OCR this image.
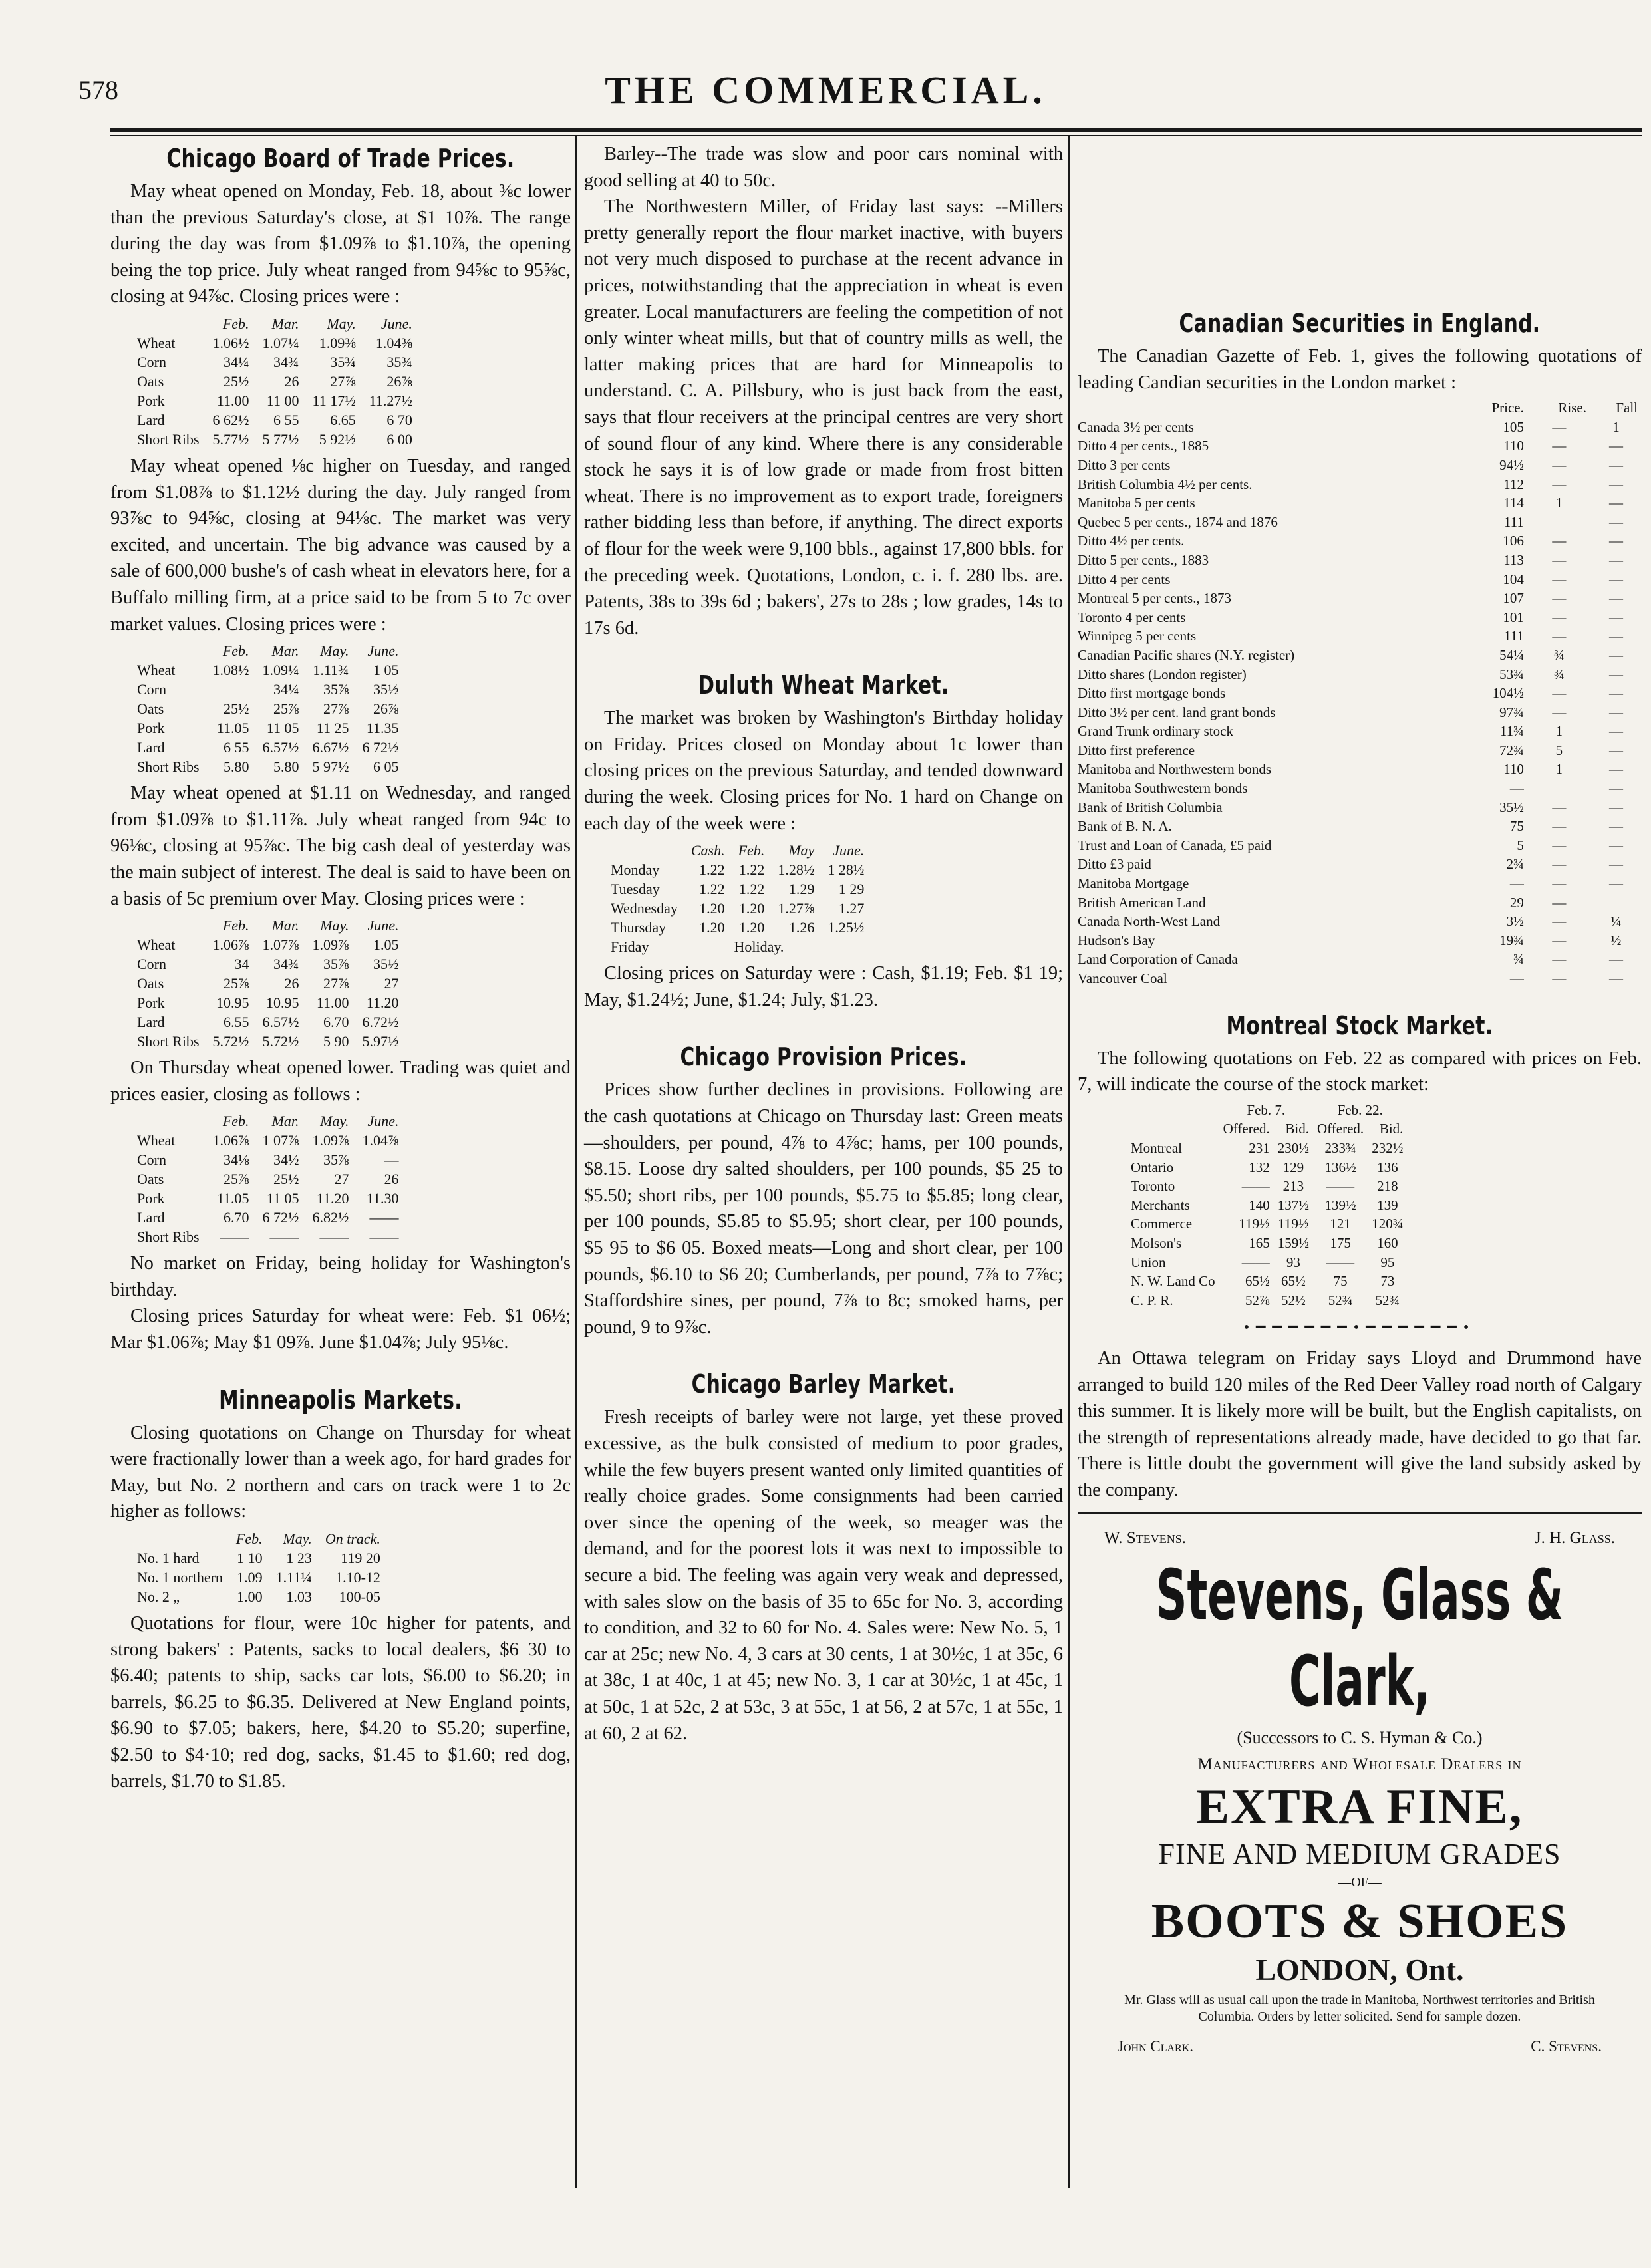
578	THE COMMERCIAL.
Chicago Board of Trade Prices.

May wheat opened on Monday, Feb. 18, about ⅜c lower than the previous Saturday's close, at $1 10⅞. The range during the day was from $1.09⅞ to $1.10⅞, the opening being the top price. July wheat ranged from 94⅝c to 95⅝c, closing at 94⅞c. Closing prices were :

	Feb.	Mar.	May.	June.
Wheat	1.06½	1.07¼	1.09⅜	1.04⅜
Corn	34¼	34¾	35¾	35¾
Oats	25½	26	27⅞	26⅞
Pork	11.00	11 00	11 17½	11.27½
Lard	6 62½	6 55	6.65	6 70
Short Ribs	5.77½	5 77½	5 92½	6 00

May wheat opened ⅛c higher on Tuesday, and ranged from $1.08⅞ to $1.12½ during the day. July ranged from 93⅞c to 94⅝c, closing at 94⅛c. The market was very excited, and uncertain. The big advance was caused by a sale of 600,000 bushe's of cash wheat in elevators here, for a Buffalo milling firm, at a price said to be from 5 to 7c over market values. Closing prices were :

	Feb.	Mar.	May.	June.
Wheat	1.08½	1.09¼	1.11¾	1 05
Corn		34¼	35⅞	35½
Oats	25½	25⅞	27⅞	26⅞
Pork	11.05	11 05	11 25	11.35
Lard	6 55	6.57½	6.67½	6 72½
Short Ribs	5.80	5.80	5 97½	6 05

May wheat opened at $1.11 on Wednesday, and ranged from $1.09⅞ to $1.11⅞. July wheat ranged from 94c to 96⅛c, closing at 95⅞c. The big cash deal of yesterday was the main subject of interest. The deal is said to have been on a basis of 5c premium over May. Closing prices were :

	Feb.	Mar.	May.	June.
Wheat	1.06⅞	1.07⅞	1.09⅞	1.05
Corn	34	34¾	35⅞	35½
Oats	25⅞	26	27⅞	27
Pork	10.95	10.95	11.00	11.20
Lard	6.55	6.57½	6.70	6.72½
Short Ribs	5.72½	5.72½	5 90	5.97½

On Thursday wheat opened lower. Trading was quiet and prices easier, closing as follows :

	Feb.	Mar.	May.	June.
Wheat	1.06⅞	1 07⅞	1.09⅞	1.04⅞
Corn	34⅛	34½	35⅞	—
Oats	25⅞	25½	27	26
Pork	11.05	11 05	11.20	11.30
Lard	6.70	6 72½	6.82½	——
Short Ribs	——	——	——	——

No market on Friday, being holiday for Washington's birthday.

Closing prices Saturday for wheat were: Feb. $1 06½; Mar $1.06⅞; May $1 09⅞. June $1.04⅞; July 95⅛c.

Minneapolis Markets.

Closing quotations on Change on Thursday for wheat were fractionally lower than a week ago, for hard grades for May, but No. 2 northern and cars on track were 1 to 2c higher as follows:

	Feb.	May.	On track.
No. 1 hard	1 10	1 23	119 20
No. 1 northern	1.09	1.11¼	1.10-12
No. 2 „	1.00	1.03	100-05

Quotations for flour, were 10c higher for patents, and strong bakers' : Patents, sacks to local dealers, $6 30 to $6.40; patents to ship, sacks car lots, $6.00 to $6.20; in barrels, $6.25 to $6.35. Delivered at New England points, $6.90 to $7.05; bakers, here, $4.20 to $5.20; superfine, $2.50 to $4·10; red dog, sacks, $1.45 to $1.60; red dog, barrels, $1.70 to $1.85.

Barley--The trade was slow and poor cars nominal with good selling at 40 to 50c.

The Northwestern Miller, of Friday last says: --Millers pretty generally report the flour market inactive, with buyers not very much disposed to purchase at the recent advance in prices, notwithstanding that the appreciation in wheat is even greater. Local manufacturers are feeling the competition of not only winter wheat mills, but that of country mills as well, the latter making prices that are hard for Minneapolis to understand. C. A. Pillsbury, who is just back from the east, says that flour receivers at the principal centres are very short of sound flour of any kind. Where there is any considerable stock he says it is of low grade or made from frost bitten wheat. There is no improvement as to export trade, foreigners rather bidding less than before, if anything. The direct exports of flour for the week were 9,100 bbls., against 17,800 bbls. for the preceding week. Quotations, London, c. i. f. 280 lbs. are. Patents, 38s to 39s 6d ; bakers', 27s to 28s ; low grades, 14s to 17s 6d.

Duluth Wheat Market.

The market was broken by Washington's Birthday holiday on Friday. Prices closed on Monday about 1c lower than closing prices on the previous Saturday, and tended downward during the week. Closing prices for No. 1 hard on Change on each day of the week were :

	Cash.	Feb.	May	June.
Monday	1.22	1.22	1.28½	1 28½
Tuesday	1.22	1.22	1.29	1 29
Wednesday	1.20	1.20	1.27⅞	1.27
Thursday	1.20	1.20	1.26	1.25½
Friday	Holiday.

Closing prices on Saturday were : Cash, $1.19; Feb. $1 19; May, $1.24½; June, $1.24; July, $1.23.

Chicago Provision Prices.

Prices show further declines in provisions. Following are the cash quotations at Chicago on Thursday last: Green meats—shoulders, per pound, 4⅞ to 4⅞c; hams, per 100 pounds, $8.15. Loose dry salted shoulders, per 100 pounds, $5 25 to $5.50; short ribs, per 100 pounds, $5.75 to $5.85; long clear, per 100 pounds, $5.85 to $5.95; short clear, per 100 pounds, $5 95 to $6 05. Boxed meats—Long and short clear, per 100 pounds, $6.10 to $6 20; Cumberlands, per pound, 7⅞ to 7⅞c; Staffordshire sines, per pound, 7⅞ to 8c; smoked hams, per pound, 9 to 9⅞c.

Chicago Barley Market.

Fresh receipts of barley were not large, yet these proved excessive, as the bulk consisted of medium to poor grades, while the few buyers present wanted only limited quantities of really choice grades. Some consignments had been carried over since the opening of the week, so meager was the demand, and for the poorest lots it was next to impossible to secure a bid. The feeling was again very weak and depressed, with sales slow on the basis of 35 to 65c for No. 3, according to condition, and 32 to 60 for No. 4. Sales were: New No. 5, 1 car at 25c; new No. 4, 3 cars at 30 cents, 1 at 30½c, 1 at 35c, 6 at 38c, 1 at 40c, 1 at 45; new No. 3, 1 car at 30½c, 1 at 45c, 1 at 50c, 1 at 52c, 2 at 53c, 3 at 55c, 1 at 56, 2 at 57c, 1 at 55c, 1 at 60, 2 at 62.

Canadian Securities in England.

The Canadian Gazette of Feb. 1, gives the following quotations of leading Candian securities in the London market :

	Price.	Rise.	Fall
Canada 3½ per cents	105	—	1
Ditto 4 per cents., 1885	110	—	—
Ditto 3 per cents	94½	—	—
British Columbia 4½ per cents.	112	—	—
Manitoba 5 per cents	114	1	—
Quebec 5 per cents., 1874 and 1876	111		—
Ditto 4½ per cents.	106	—	—
Ditto 5 per cents., 1883	113	—	—
Ditto 4 per cents	104	—	—
Montreal 5 per cents., 1873	107	—	—
Toronto 4 per cents	101	—	—
Winnipeg 5 per cents	111	—	—
Canadian Pacific shares (N.Y. register)	54¼	¾	—
Ditto shares (London register)	53¾	¾	—
Ditto first mortgage bonds	104½	—	—
Ditto 3½ per cent. land grant bonds	97¾	—	—
Grand Trunk ordinary stock	11¾	1	—
Ditto first preference	72¾	5	—
Manitoba and Northwestern bonds	110	1	—
Manitoba Southwestern bonds	—		—
Bank of British Columbia	35½	—	—
Bank of B. N. A.	75	—	—
Trust and Loan of Canada, £5 paid	5	—	—
Ditto £3 paid	2¾	—	—
Manitoba Mortgage	—	—	—
British American Land	29	—	
Canada North-West Land	3½	—	¼
Hudson's Bay	19¾	—	½
Land Corporation of Canada	¾	—	—
Vancouver Coal	—	—	—
Montreal Stock Market.

The following quotations on Feb. 22 as compared with prices on Feb. 7, will indicate the course of the stock market:

	Feb. 7.		Feb. 22.	
	Offered.	Bid.	Offered.	Bid.
Montreal	231	230½	233¾	232½
Ontario	132	129	136½	136
Toronto	——	213	——	218
Merchants	140	137½	139½	139
Commerce	119½	119½	121	120¾
Molson's	165	159½	175	160
Union	——	93	——	95
N. W. Land Co	65½	65½	75	73
C. P. R.	52⅞	52½	52¾	52¾
•━━━━━━•━━━━━━•

An Ottawa telegram on Friday says Lloyd and Drummond have arranged to build 120 miles of the Red Deer Valley road north of Calgary this summer. It is likely more will be built, but the English capitalists, on the strength of representations already made, have decided to go that far. There is little doubt the government will give the land subsidy asked by the company.

W. Stevens.	J. H. Glass.
Stevens, Glass & Clark,
(Successors to C. S. Hyman & Co.)
Manufacturers and Wholesale Dealers in
EXTRA FINE,
FINE AND MEDIUM GRADES
—OF—
BOOTS & SHOES
LONDON, Ont.
Mr. Glass will as usual call upon the trade in Manitoba, Northwest territories and British Columbia. Orders by letter solicited. Send for sample dozen.
John Clark.	C. Stevens.
